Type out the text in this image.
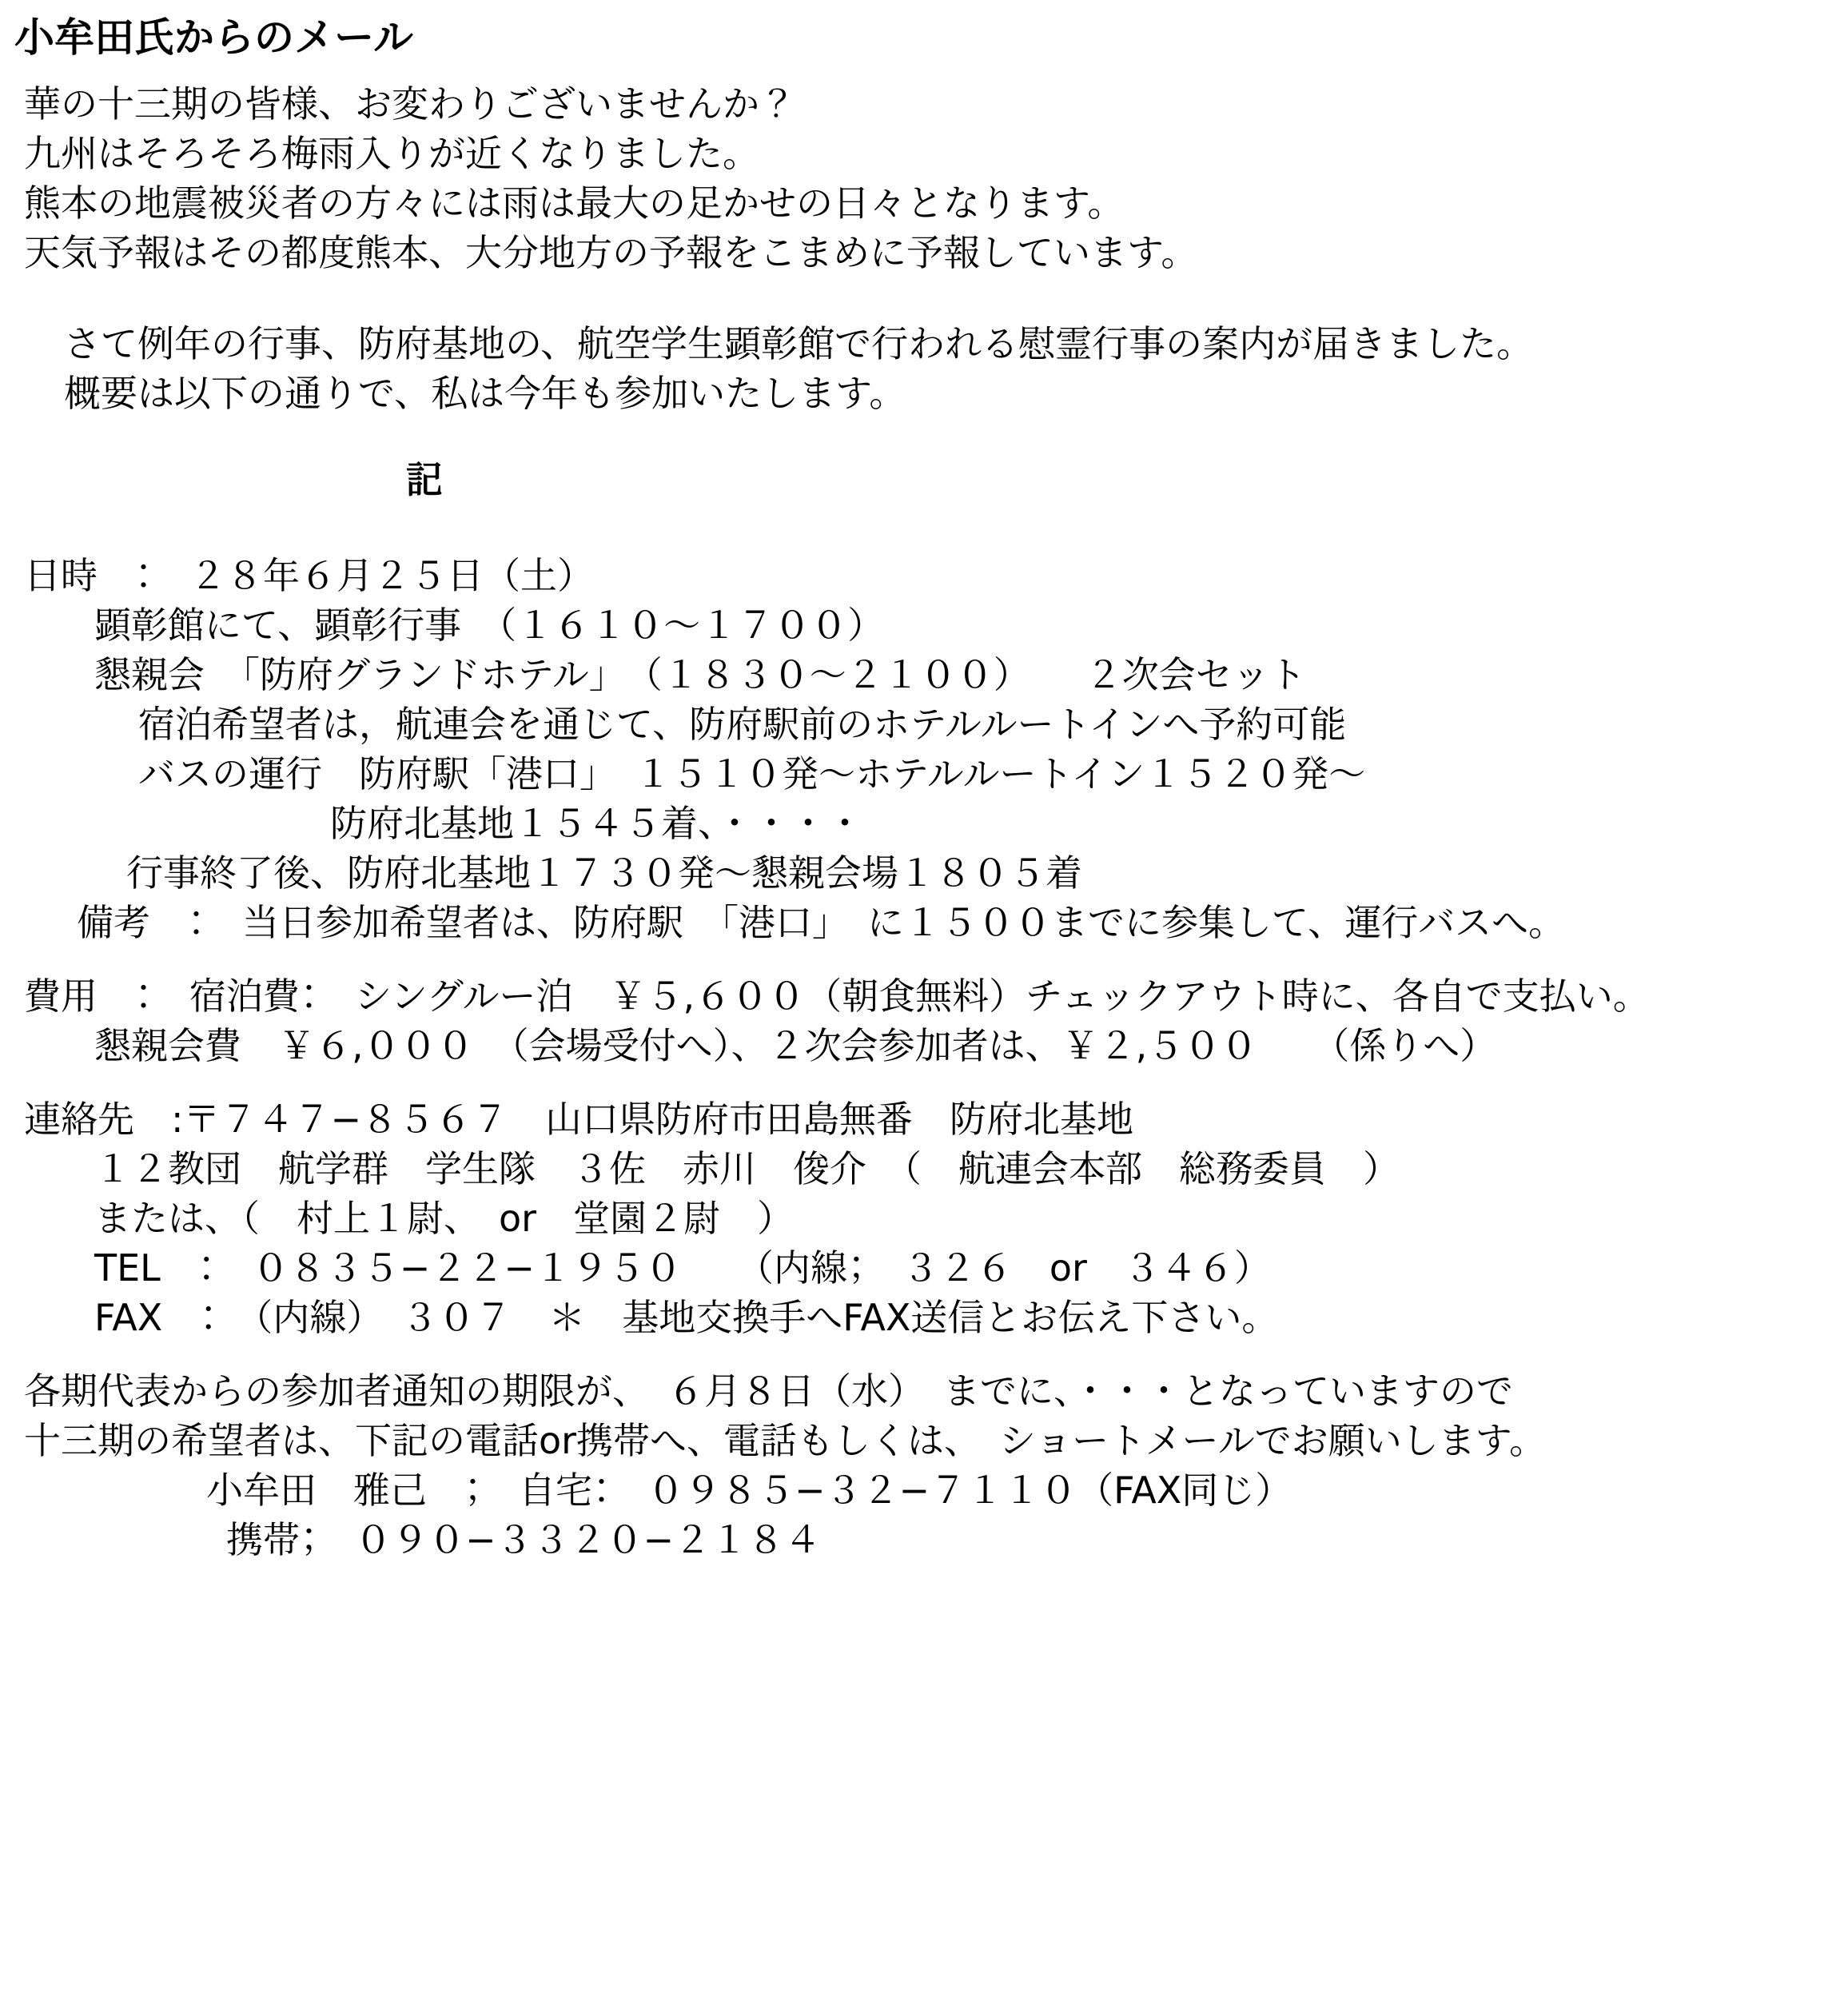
小牟田氏からのメール
華の十三期の皆様、お変わりございませんか？
九州はそろそろ梅雨入りが近くなりました。
熊本の地震被災者の方々には雨は最大の足かせの日々となります。
天気予報はその都度熊本、大分地方の予報をこまめに予報しています。
さて例年の行事、防府基地の、航空学生顕彰館で行われる慰霊行事の案内が届きました。
概要は以下の通りで、私は今年も参加いたします。
記
日時　：　２８年６月２５日（土）
顕彰館にて、顕彰行事　（１６１０〜１７００）
懇親会　「防府グランドホテル」　（１８３０〜２１００）　　２次会セット
宿泊希望者は，航連会を通じて、防府駅前のホテルルートインへ予約可能
バスの運行　防府駅「港口」　１５１０発〜ホテルルートイン１５２０発〜
防府北基地１５４５着、・・・・
行事終了後、防府北基地１７３０発〜懇親会場１８０５着
備考　：　当日参加希望者は、防府駅　「港口」　に１５００までに参集して、運行バスへ。
費用　：　宿泊費：　シングルー泊　￥５,６００（朝食無料）チェックアウト時に、各自で支払い。
懇親会費　￥６,０００　（会場受付へ）、２次会参加者は、￥２,５００　　（係りへ）
連絡先　:〒７４７−８５６７　山口県防府市田島無番　防府北基地
１２教団　航学群　学生隊　３佐　赤川　俊介　（　航連会本部　総務委員　）
または、（　村上１尉、　or　堂園２尉　）
TEL　：　０８３５−２２−１９５０　　（内線；　３２６　or　３４６）
FAX　：　（内線）　３０７　＊　基地交換手へFAX送信とお伝え下さい。
各期代表からの参加者通知の期限が、　６月８日（水）　までに、・・・となっていますので
十三期の希望者は、下記の電話or携帯へ、電話もしくは、　ショートメールでお願いします。
小牟田　雅己　；　自宅：　０９８５−３２−７１１０（FAX同じ）
携帯；　０９０−３３２０−２１８４
